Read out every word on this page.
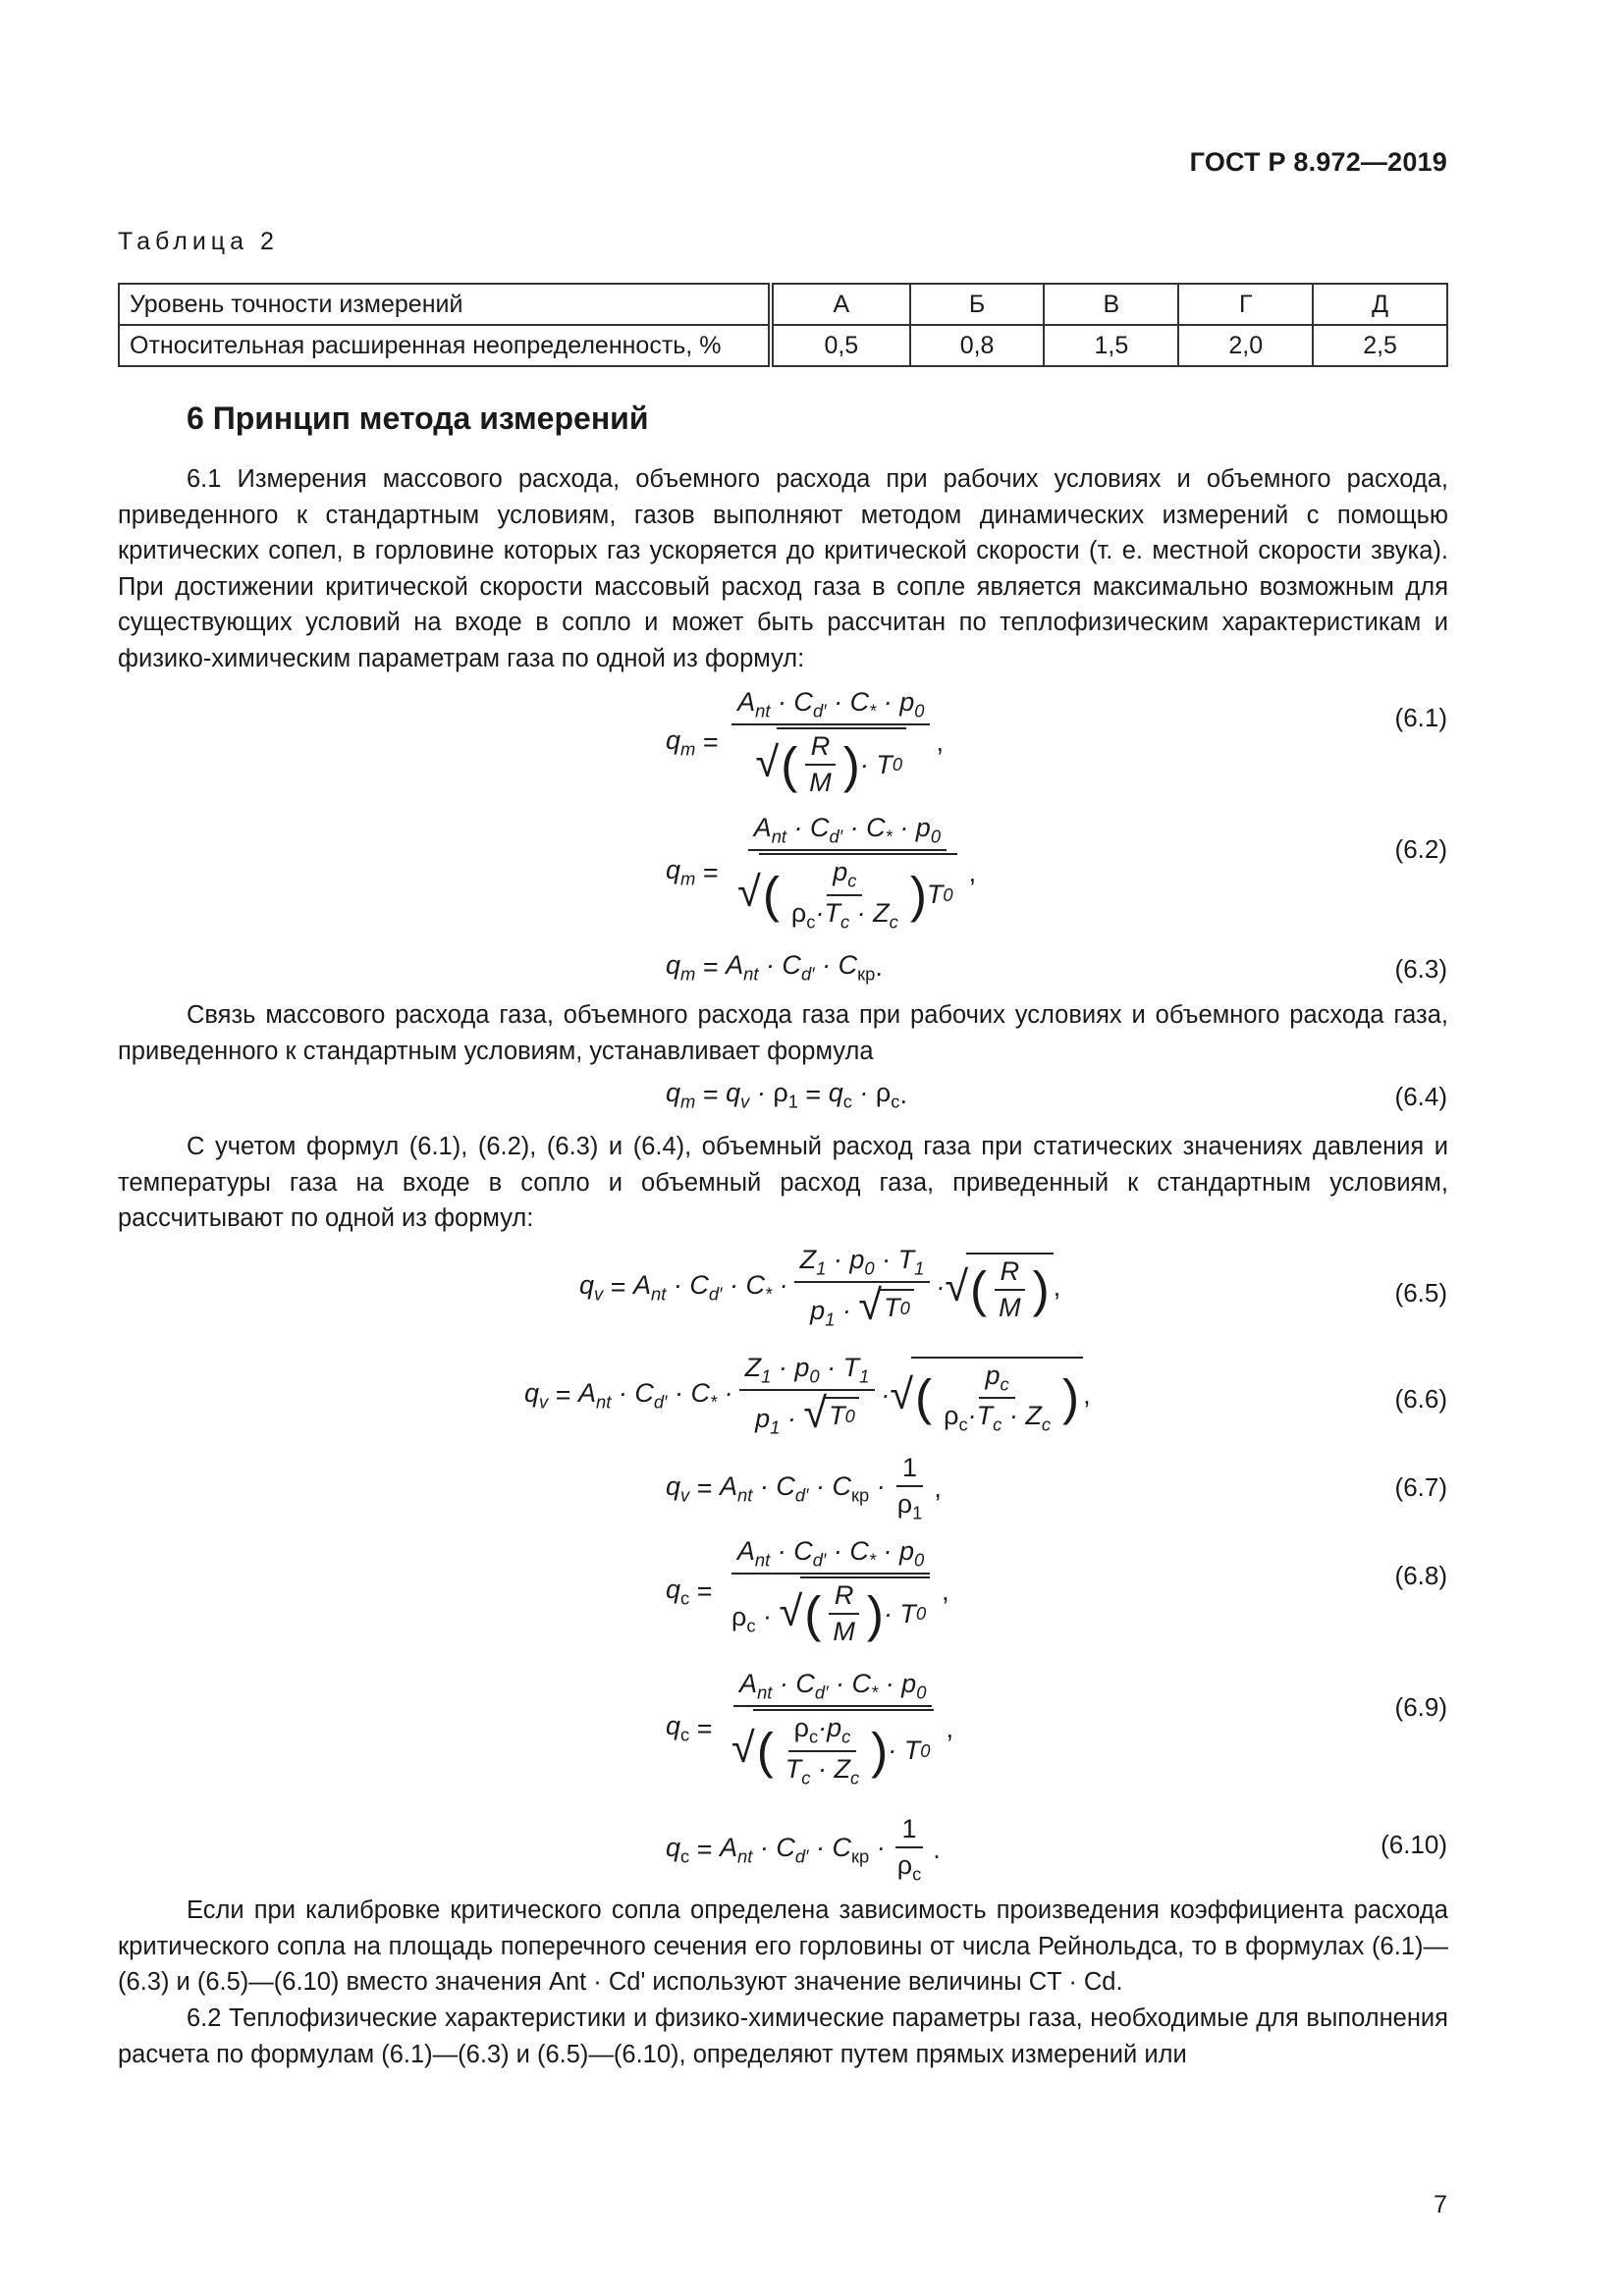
ГОСТ Р 8.972—2019
Таблица 2
Уровень точности измерений	А	Б	В	Г	Д
Относительная расширенная неопределенность, %	0,5	0,8	1,5	2,0	2,5
6 Принцип метода измерений
6.1 Измерения массового расхода, объемного расхода при рабочих условиях и объемного расхода, приведенного к стандартным условиям, газов выполняют методом динамических измерений с помощью критических сопел, в горловине которых газ ускоряется до критической скорости (т. е. местной скорости звука). При достижении критической скорости массовый расход газа в сопле является максимально возможным для существующих условий на входе в сопло и может быть рассчитан по теплофизическим характеристикам и физико-химическим параметрам газа по одной из формул:
$q_m = \frac{A_{nt} \cdot C_{d'} \cdot C_* \cdot p_0}{√ ( \frac{R}{M} ) \cdot T 0}$ ,
(6.1)
$q_m = \frac{A_{nt} \cdot C_{d'} \cdot C_* \cdot p_0}{√ ( \frac{p_c}{\rho_c\cdot T_c \cdot Z_c} ) T 0}$ ,
(6.2)
$q_m = A_{nt} \cdot C_{d'} \cdot C_{кр}$ .	(6.3)
Связь массового расхода газа, объемного расхода газа при рабочих условиях и объемного расхода газа, приведенного к стандартным условиям, устанавливает формула
$q_m = q_v \cdot \rho_1 = q_c \cdot \rho_c$ .	(6.4)
С учетом формул (6.1), (6.2), (6.3) и (6.4), объемный расход газа при статических значениях давления и температуры газа на входе в сопло и объемный расход газа, приведенный к стандартным условиям, рассчитывают по одной из формул:
$q_v = A_{nt} \cdot C_{d'} \cdot C_* \cdot \frac{Z_1 \cdot p_0 \cdot T_1}{p_1 \cdot √ T 0}$ · √ ( $\frac{R}{M}$ ) ,	(6.5)
$q_v = A_{nt} \cdot C_{d'} \cdot C_* \cdot \frac{Z_1 \cdot p_0 \cdot T_1}{p_1 \cdot √ T 0}$ · √ ( $\frac{p_c}{\rho_c\cdot T_c \cdot Z_c}$ ) ,	(6.6)
$q_v = A_{nt} \cdot C_{d'} \cdot C_{кр} \cdot \frac{1}{\rho_1}$ ,	(6.7)
$q_c = \frac{A_{nt} \cdot C_{d'} \cdot C_* \cdot p_0}{\rho_c \cdot √ ( \frac{R}{M} ) \cdot T 0}$ ,
(6.8)
$q_c = \frac{A_{nt} \cdot C_{d'} \cdot C_* \cdot p_0}{√ ( \frac{\rho_c\cdot p_c}{T_c \cdot Z_c} ) \cdot T 0}$ ,
(6.9)
$q_c = A_{nt} \cdot C_{d'} \cdot C_{кр} \cdot \frac{1}{\rho_c}$ .	(6.10)
Если при калибровке критического сопла определена зависимость произведения коэффициента расхода критического сопла на площадь поперечного сечения его горловины от числа Рейнольдса, то в формулах (6.1)—(6.3) и (6.5)—(6.10) вместо значения Ant · Cd' используют значение величины CT · Cd.
6.2 Теплофизические характеристики и физико-химические параметры газа, необходимые для выполнения расчета по формулам (6.1)—(6.3) и (6.5)—(6.10), определяют путем прямых измерений или
7
